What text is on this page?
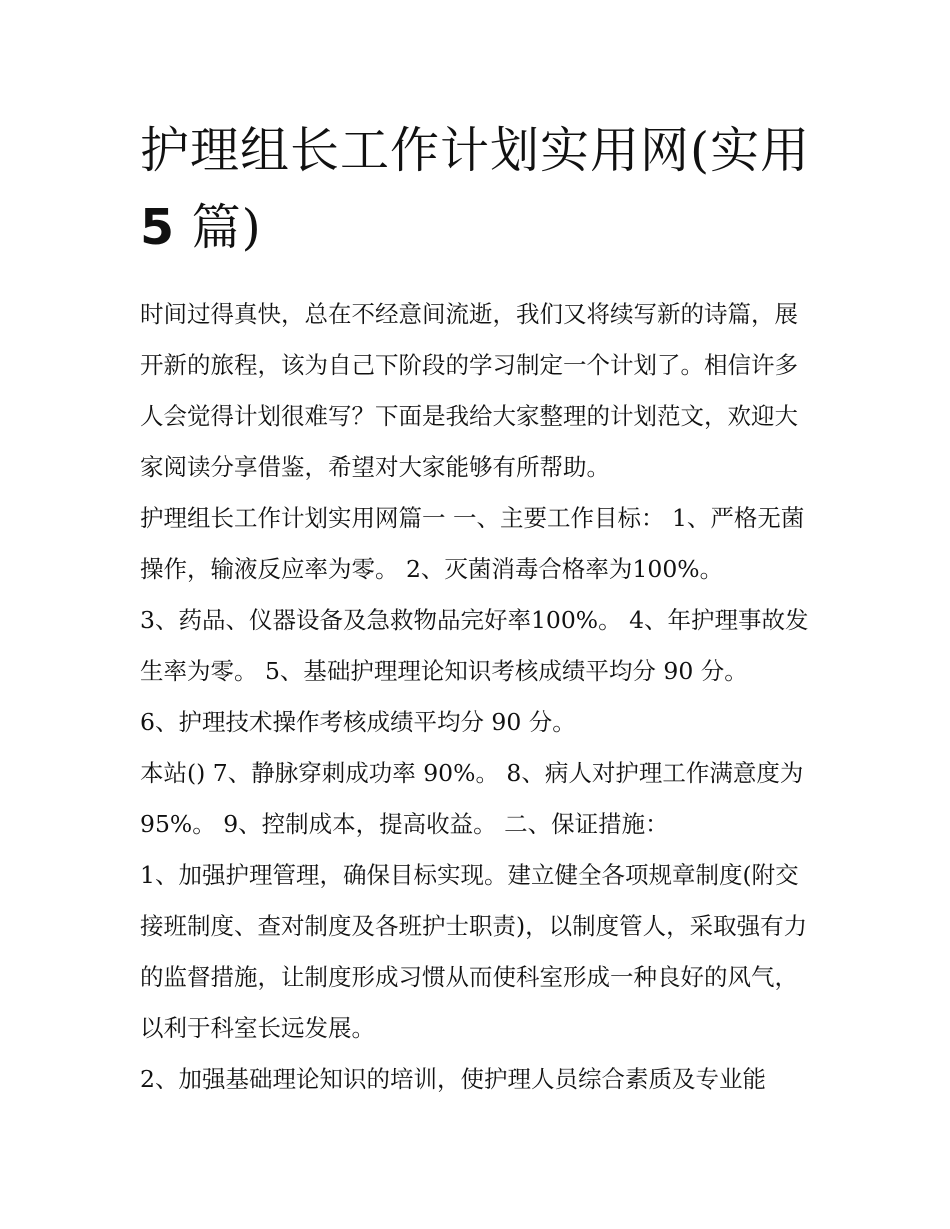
护理组长工作计划实用网(实用5 篇)

时间过得真快，总在不经意间流逝，我们又将续写新的诗篇，展开新的旅程，该为自己下阶段的学习制定一个计划了。相信许多人会觉得计划很难写？下面是我给大家整理的计划范文，欢迎大家阅读分享借鉴，希望对大家能够有所帮助。

护理组长工作计划实用网篇一 一、主要工作目标： 1、严格无菌操作，输液反应率为零。 2、灭菌消毒合格率为100%。

3、药品、仪器设备及急救物品完好率100%。 4、年护理事故发生率为零。 5、基础护理理论知识考核成绩平均分 90 分。

6、护理技术操作考核成绩平均分 90 分。

本站() 7、静脉穿刺成功率 90%。 8、病人对护理工作满意度为95%。 9、控制成本，提高收益。 二、保证措施：

1、加强护理管理，确保目标实现。建立健全各项规章制度(附交接班制度、查对制度及各班护士职责)，以制度管人，采取强有力的监督措施，让制度形成习惯从而使科室形成一种良好的风气，以利于科室长远发展。

2、加强基础理论知识的培训，使护理人员综合素质及专业能
